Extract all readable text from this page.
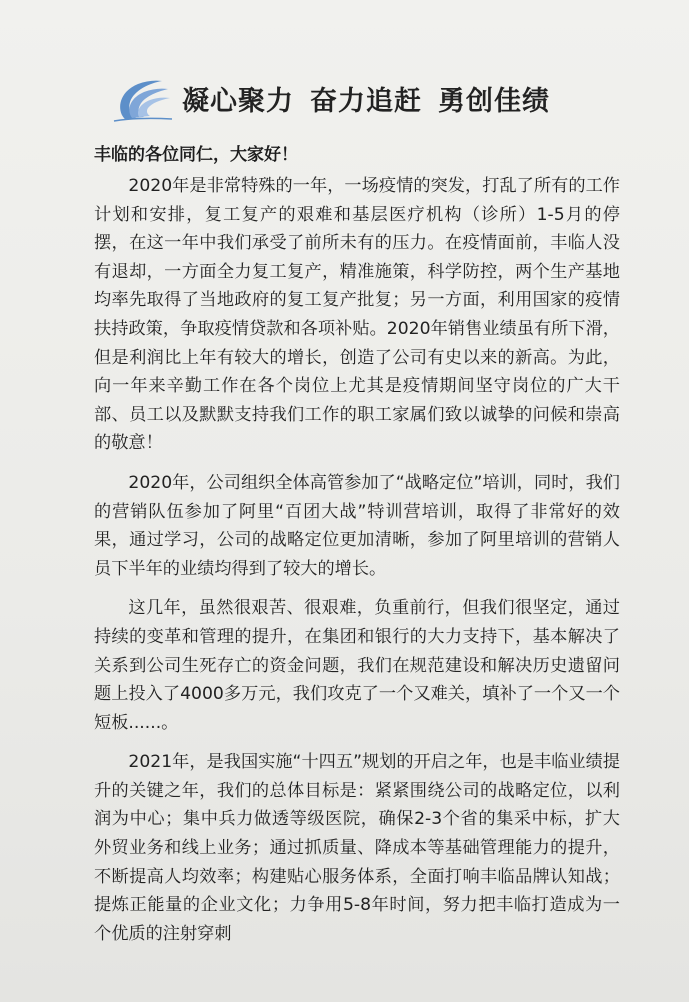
凝心聚力 奋力追赶 勇创佳绩
丰临的各位同仁，大家好！

2020年是非常特殊的一年，一场疫情的突发，打乱了所有的工作计划和安排，复工复产的艰难和基层医疗机构（诊所）1-5月的停摆，在这一年中我们承受了前所未有的压力。在疫情面前，丰临人没有退却，一方面全力复工复产，精准施策，科学防控，两个生产基地均率先取得了当地政府的复工复产批复；另一方面，利用国家的疫情扶持政策，争取疫情贷款和各项补贴。2020年销售业绩虽有所下滑，但是利润比上年有较大的增长，创造了公司有史以来的新高。为此，向一年来辛勤工作在各个岗位上尤其是疫情期间坚守岗位的广大干部、员工以及默默支持我们工作的职工家属们致以诚挚的问候和崇高的敬意！

2020年，公司组织全体高管参加了“战略定位”培训，同时，我们的营销队伍参加了阿里“百团大战”特训营培训，取得了非常好的效果，通过学习，公司的战略定位更加清晰，参加了阿里培训的营销人员下半年的业绩均得到了较大的增长。

这几年，虽然很艰苦、很艰难，负重前行，但我们很坚定，通过持续的变革和管理的提升，在集团和银行的大力支持下，基本解决了关系到公司生死存亡的资金问题，我们在规范建设和解决历史遗留问题上投入了4000多万元，我们攻克了一个又难关，填补了一个又一个短板......。

2021年，是我国实施“十四五”规划的开启之年，也是丰临业绩提升的关键之年，我们的总体目标是：紧紧围绕公司的战略定位，以利润为中心；集中兵力做透等级医院，确保2-3个省的集采中标，扩大外贸业务和线上业务；通过抓质量、降成本等基础管理能力的提升，不断提高人均效率；构建贴心服务体系，全面打响丰临品牌认知战；提炼正能量的企业文化；力争用5-8年时间，努力把丰临打造成为一个优质的注射穿刺
